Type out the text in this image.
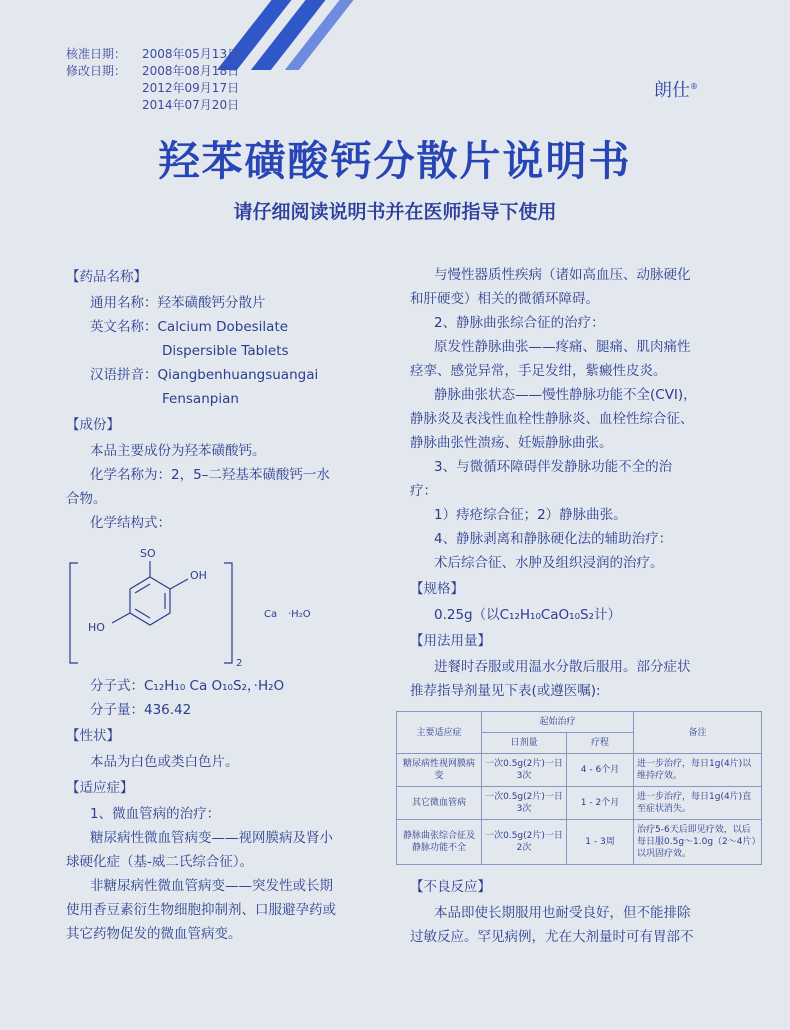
核准日期：	2008年05月13日
修改日期：	2008年08月18日
2012年09月17日
2014年07月20日
朗仕®
羟苯磺酸钙分散片说明书
请仔细阅读说明书并在医师指导下使用
【药品名称】
通用名称：羟苯磺酸钙分散片
英文名称：Calcium Dobesilate
Dispersible Tablets
汉语拼音：Qiangbenhuangsuangai
Fensanpian
【成份】
本品主要成份为羟苯磺酸钙。
化学名称为：2，5–二羟基苯磺酸钙一水
合物。
化学结构式：
SO
OH
HO
2
Ca ·H₂O
分子式：C₁₂H₁₀ Ca O₁₀S₂，·H₂O
分子量：436.42
【性状】
本品为白色或类白色片。
【适应症】
1、微血管病的治疗：
糖尿病性微血管病变——视网膜病及肾小
球硬化症（基-威二氏综合征）。
非糖尿病性微血管病变——突发性或长期
使用香豆素衍生物细胞抑制剂、口服避孕药或
其它药物促发的微血管病变。
与慢性器质性疾病（诸如高血压、动脉硬化
和肝硬变）相关的微循环障碍。
2、静脉曲张综合征的治疗：
原发性静脉曲张——疼痛、腿痛、肌肉痛性
痉挛、感觉异常，手足发绀，紫癜性皮炎。
静脉曲张状态——慢性静脉功能不全(CVI)，
静脉炎及表浅性血栓性静脉炎、血栓性综合征、
静脉曲张性溃疡、妊娠静脉曲张。
3、与微循环障碍伴发静脉功能不全的治
疗：
1）痔疮综合征；2）静脉曲张。
4、静脉剥离和静脉硬化法的辅助治疗：
术后综合征、水肿及组织浸润的治疗。
【规格】
0.25g（以C₁₂H₁₀CaO₁₀S₂计）
【用法用量】
进餐时吞服或用温水分散后服用。部分症状
推荐指导剂量见下表(或遵医嘱):
主要适应症	起始治疗		备注
	日剂量	疗程	
糖尿病性视网膜病变	一次0.5g(2片)一日3次	4 - 6个月	进一步治疗，每日1g(4片)以维持疗效。
其它微血管病	一次0.5g(2片)一日3次	1 - 2个月	进一步治疗，每日1g(4片)直至症状消失。
静脉曲张综合征及静脉功能不全	一次0.5g(2片)一日2次	1 - 3周	治疗5-6天后即见疗效，以后每日服0.5g～1.0g（2～4片）以巩固疗效。
【不良反应】
本品即使长期服用也耐受良好，但不能排除
过敏反应。罕见病例，尤在大剂量时可有胃部不
